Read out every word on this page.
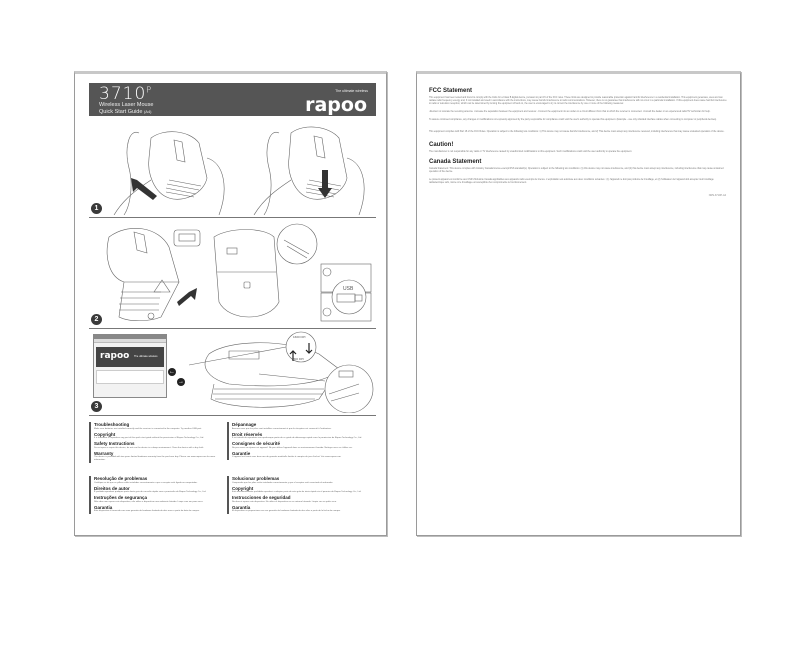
$3710^P$
Wireless Laser Mouse
Quick Start Guide (A4)
The ultimate wireless
rapoo
1
USB
2
rapoo The ultimate wireless
←
→
1600 DPI
800 DPI
3
Troubleshooting

Make sure batteries are installed correctly and the receiver is connected to the computer. Try another USB port.

Copyright

It is forbidden to reproduce any part of this quick start guide without the permission of Rapoo Technology Co., Ltd.

Safety Instructions

Do not open or repair this device, do not use the device in a damp environment. Clean the device with a dry cloth.

Warranty

The device is provided with two years limited hardware warranty from the purchase day. Please see www.rapoo.com for more information.

Resolução de problemas

Certifique-se de que as pilhas estão instaladas correctamente e que o receptor está ligado ao computador.

Direitos de autor

É proibido reproduzir qualquer parte deste guia de consulta rápida sem a permissão da Rapoo Technology Co., Ltd.

Instruções de segurança

Não abra nem repare este dispositivo, não utilize o dispositivo num ambiente húmido. Limpe com um pano seco.

Garantia

Este dispositivo é fornecido com uma garantia de hardware limitada de dois anos a partir da data de compra.

Dépannage

Assurez-vous que les piles sont installées correctement et que le récepteur est connecté à l'ordinateur.

Droit réservés

Il est interdit de reproduire une quelconque partie de ce guide de démarrage rapide sans la permission de Rapoo Technology Co., Ltd.

Consignes de sécurité

Ne pas ouvrir ou réparer cet appareil. Ne pas utiliser l'appareil dans un environnement humide. Nettoyer avec un chiffon sec.

Garantie

L'appareil est fourni avec deux ans de garantie matérielle limitée à compter du jour d'achat. Voir www.rapoo.com.

Solucionar problemas

Compruebe que las pilas estén instaladas correctamente y que el receptor esté conectado al ordenador.

Copyright

Está terminantemente prohibido reproducir cualquier parte de esta guía de inicio rápido sin el permiso de Rapoo Technology Co., Ltd.

Instrucciones de seguridad

No abra ni repare este dispositivo. No utilice el dispositivo en un entorno húmedo. Limpie con un paño seco.

Garantía

El dispositivo se proporciona con una garantía de hardware limitada de dos años a partir de la fecha de compra.

FCC Statement

This equipment has been tested and found to comply with the limits for a Class B digital device, pursuant to part 15 of the FCC rules. These limits are designed to provide reasonable protection against harmful interference in a residential installation. This equipment generates, uses and can radiate radio frequency energy and, if not installed and used in accordance with the instructions, may cause harmful interference to radio communications. However, there is no guarantee that interference will not occur in a particular installation. If this equipment does cause harmful interference to radio or television reception, which can be determined by turning the equipment off and on, the user is encouraged to try to correct the interference by one or more of the following measures:

-Reorient or relocate the receiving antenna. -Increase the separation between the equipment and receiver. -Connect the equipment into an outlet on a circuit different from that to which the receiver is connected. -Consult the dealer or an experienced radio/TV technician for help.

To assure continued compliance, any changes or modifications not expressly approved by the party responsible for compliance could void the user's authority to operate this equipment. (Example - use only shielded interface cables when connecting to computer or peripheral devices).

This equipment complies with Part 15 of the FCC Rules. Operation is subject to the following two conditions: 1) This device may not cause harmful interference, and 2) This device must accept any interference received, including interference that may cause undesired operation of the device.

Caution!

The manufacturer is not responsible for any radio or TV interference caused by unauthorized modifications to this equipment. Such modifications could void the user authority to operate the equipment.

Canada Statement

Canada Statement: This device complies with Industry Canada licence-exempt RSS standard(s). Operation is subject to the following two conditions: (1) this device may not cause interference, and (2) this device must accept any interference, including interference that may cause undesired operation of the device.

Le présent appareil est conforme aux CNR d'Industrie Canada applicables aux appareils radio exempts de licence. L'exploitation est autorisée aux deux conditions suivantes : (1) l'appareil ne doit pas produire de brouillage, et (2) l'utilisateur de l'appareil doit accepter tout brouillage radioélectrique subi, même si le brouillage est susceptible d'en compromettre le fonctionnement.

NRS-3710P-A4
